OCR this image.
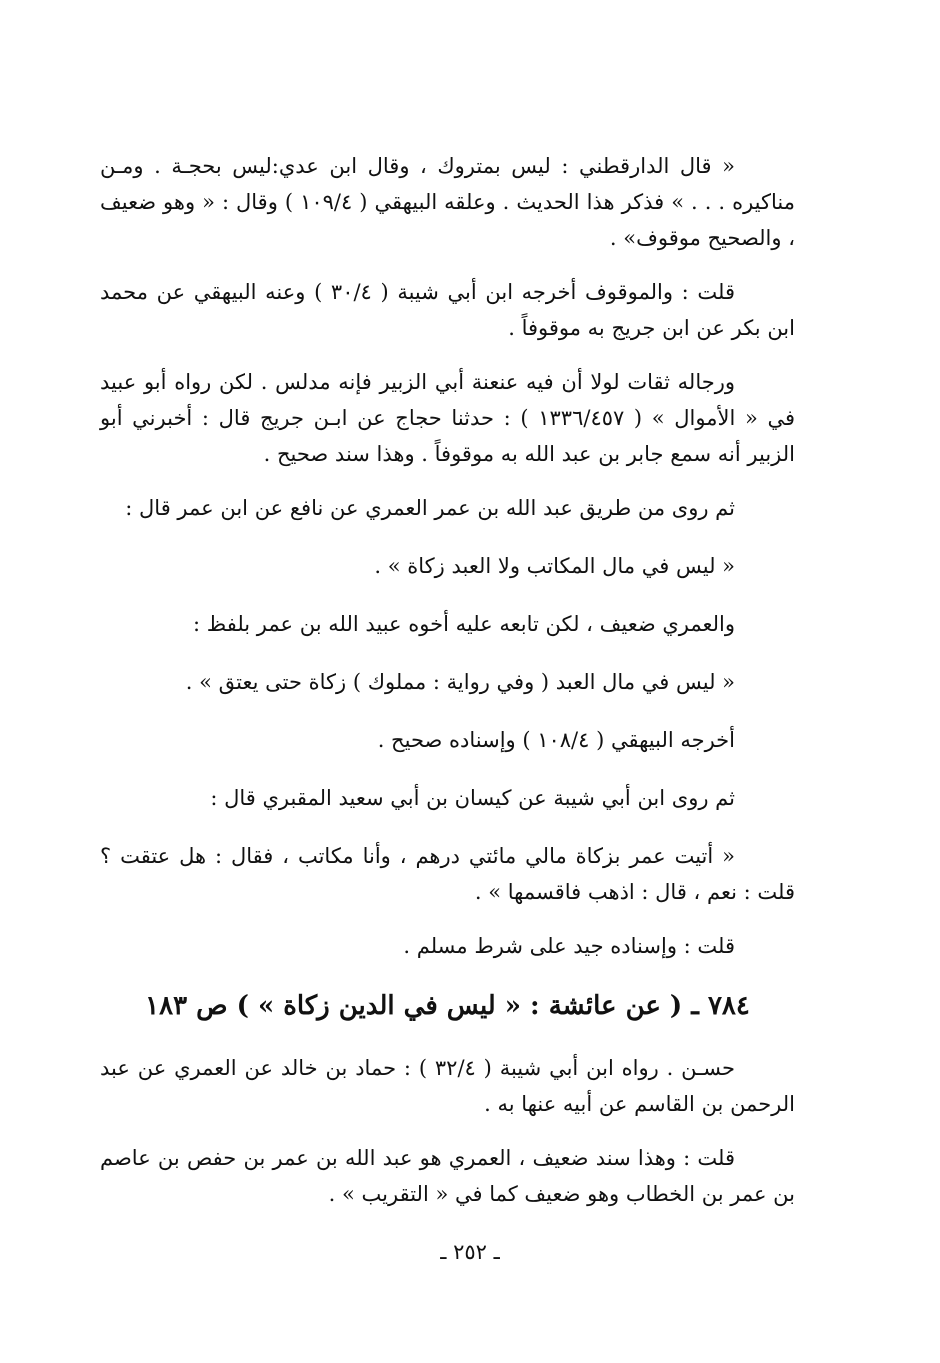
« قال الدارقطني : ليس بمتروك ، وقال ابن عدي:ليس بحجـة . ومـن مناكيره . . . » فذكر هذا الحديث . وعلقه البيهقي ( ١٠٩/٤ ) وقال : « وهو ضعيف ، والصحيح موقوف» .

قلت : والموقوف أخرجه ابن أبي شيبة ( ٣٠/٤ ) وعنه البيهقي عن محمد ابن بكر عن ابن جريج به موقوفاً .

ورجاله ثقات لولا أن فيه عنعنة أبي الزبير فإنه مدلس . لكن رواه أبو عبيد في « الأموال » ( ١٣٣٦/٤٥٧ ) : حدثنا حجاج عن ابـن جريج قال : أخبرني أبو الزبير أنه سمع جابر بن عبد الله به موقوفاً . وهذا سند صحيح .

ثم روى من طريق عبد الله بن عمر العمري عن نافع عن ابن عمر قال :

« ليس في مال المكاتب ولا العبد زكاة » .

والعمري ضعيف ، لكن تابعه عليه أخوه عبيد الله بن عمر بلفظ :

« ليس في مال العبد ( وفي رواية : مملوك ) زكاة حتى يعتق » .

أخرجه البيهقي ( ١٠٨/٤ ) وإسناده صحيح .

ثم روى ابن أبي شيبة عن كيسان بن أبي سعيد المقبري قال :

« أتيت عمر بزكاة مالي مائتي درهم ، وأنا مكاتب ، فقال : هل عتقت ؟ قلت : نعم ، قال : اذهب فاقسمها » .

قلت : وإسناده جيد على شرط مسلم .

٧٨٤ ـ ( عن عائشة : « ليس في الدين زكاة » ) ص ١٨٣

حسـن . رواه ابن أبي شيبة ( ٣٢/٤ ) : حماد بن خالد عن العمري عن عبد الرحمن بن القاسم عن أبيه عنها به .

قلت : وهذا سند ضعيف ، العمري هو عبد الله بن عمر بن حفص بن عاصم بن عمر بن الخطاب وهو ضعيف كما في « التقريب » .

ـ ٢٥٢ ـ
